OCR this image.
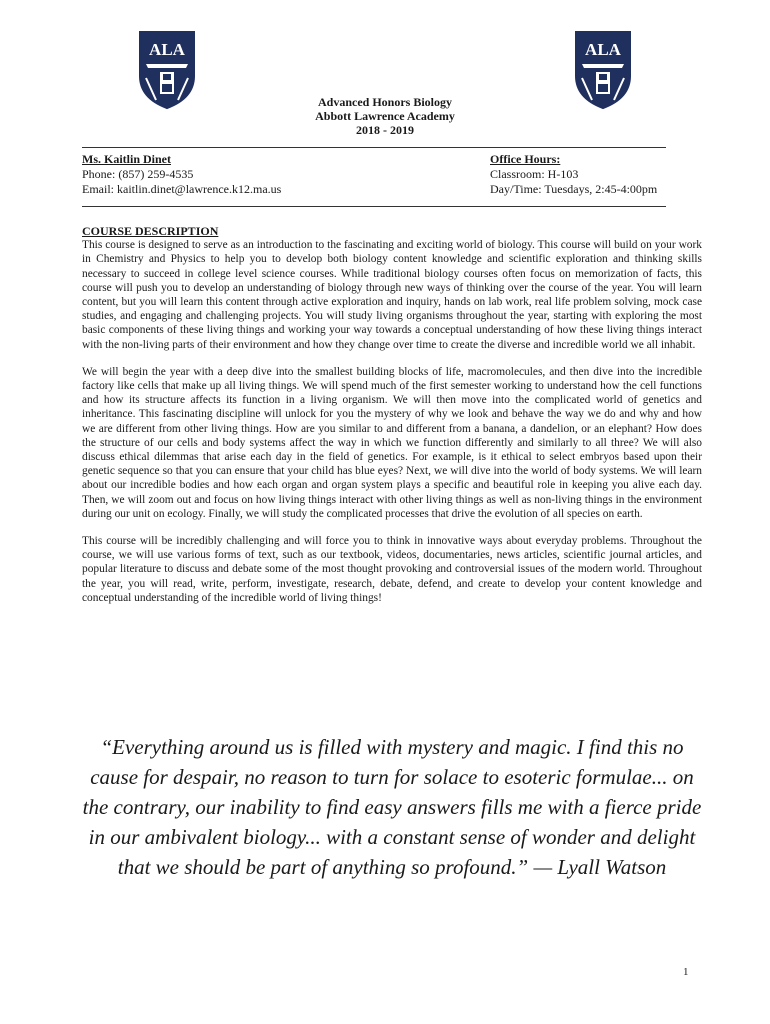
ALA	ALA
Advanced Honors Biology
Abbott Lawrence Academy
2018 - 2019
Ms. Kaitlin Dinet
Phone: (857) 259-4535
Email: kaitlin.dinet@lawrence.k12.ma.us
Office Hours:
Classroom: H-103
Day/Time: Tuesdays, 2:45-4:00pm
COURSE DESCRIPTION

This course is designed to serve as an introduction to the fascinating and exciting world of biology. This course will build on your work in Chemistry and Physics to help you to develop both biology content knowledge and scientific exploration and thinking skills necessary to succeed in college level science courses. While traditional biology courses often focus on memorization of facts, this course will push you to develop an understanding of biology through new ways of thinking over the course of the year. You will learn content, but you will learn this content through active exploration and inquiry, hands on lab work, real life problem solving, mock case studies, and engaging and challenging projects. You will study living organisms throughout the year, starting with exploring the most basic components of these living things and working your way towards a conceptual understanding of how these living things interact with the non-living parts of their environment and how they change over time to create the diverse and incredible world we all inhabit.

We will begin the year with a deep dive into the smallest building blocks of life, macromolecules, and then dive into the incredible factory like cells that make up all living things. We will spend much of the first semester working to understand how the cell functions and how its structure affects its function in a living organism. We will then move into the complicated world of genetics and inheritance. This fascinating discipline will unlock for you the mystery of why we look and behave the way we do and why and how we are different from other living things. How are you similar to and different from a banana, a dandelion, or an elephant? How does the structure of our cells and body systems affect the way in which we function differently and similarly to all three? We will also discuss ethical dilemmas that arise each day in the field of genetics. For example, is it ethical to select embryos based upon their genetic sequence so that you can ensure that your child has blue eyes? Next, we will dive into the world of body systems. We will learn about our incredible bodies and how each organ and organ system plays a specific and beautiful role in keeping you alive each day. Then, we will zoom out and focus on how living things interact with other living things as well as non-living things in the environment during our unit on ecology. Finally, we will study the complicated processes that drive the evolution of all species on earth.

This course will be incredibly challenging and will force you to think in innovative ways about everyday problems. Throughout the course, we will use various forms of text, such as our textbook, videos, documentaries, news articles, scientific journal articles, and popular literature to discuss and debate some of the most thought provoking and controversial issues of the modern world. Throughout the year, you will read, write, perform, investigate, research, debate, defend, and create to develop your content knowledge and conceptual understanding of the incredible world of living things!

“Everything around us is filled with mystery and magic. I find this no cause for despair, no reason to turn for solace to esoteric formulae... on the contrary, our inability to find easy answers fills me with a fierce pride in our ambivalent biology... with a constant sense of wonder and delight that we should be part of anything so profound.” — Lyall Watson
1
